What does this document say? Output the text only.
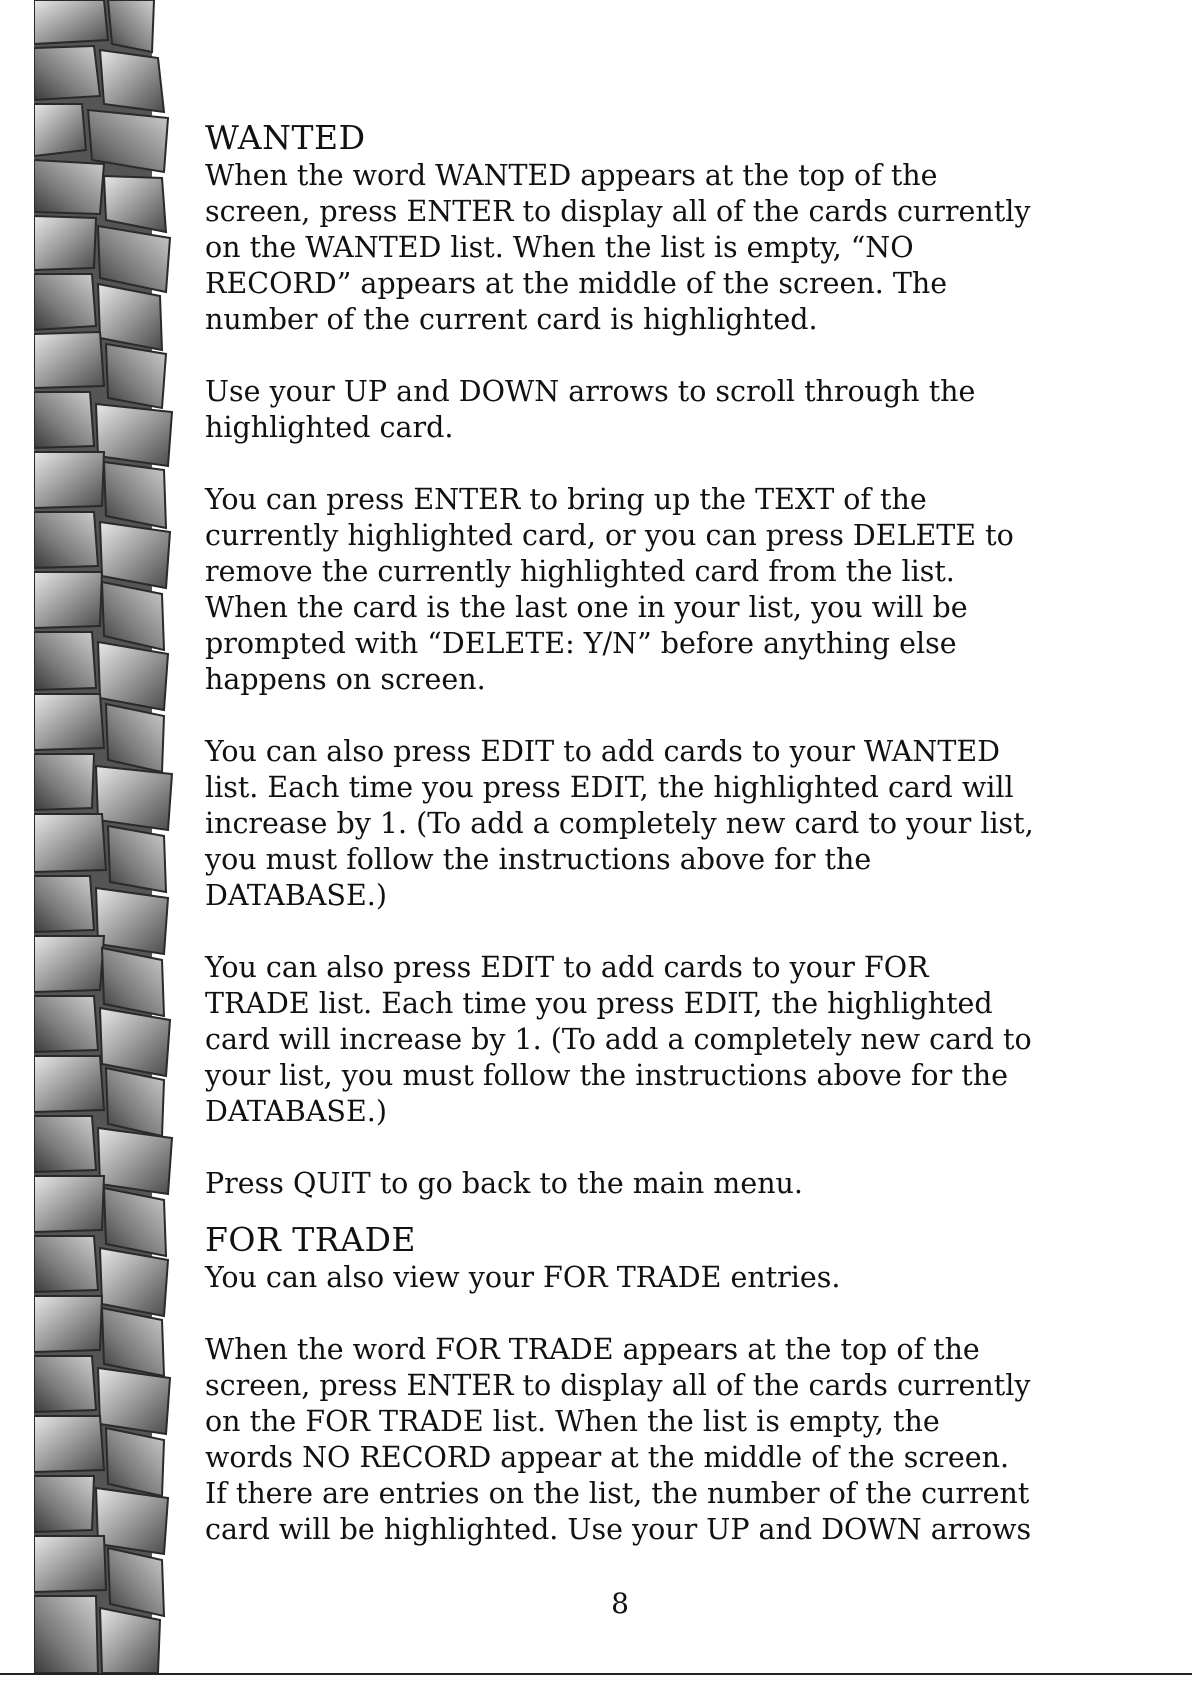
WANTED

When the word WANTED appears at the top of the
screen, press ENTER to display all of the cards currently
on the WANTED list. When the list is empty, “NO
RECORD” appears at the middle of the screen. The
number of the current card is highlighted.

Use your UP and DOWN arrows to scroll through the
highlighted card.

You can press ENTER to bring up the TEXT of the
currently highlighted card, or you can press DELETE to
remove the currently highlighted card from the list.
When the card is the last one in your list, you will be
prompted with “DELETE: Y/N” before anything else
happens on screen.

You can also press EDIT to add cards to your WANTED
list. Each time you press EDIT, the highlighted card will
increase by 1. (To add a completely new card to your list,
you must follow the instructions above for the
DATABASE.)

You can also press EDIT to add cards to your FOR
TRADE list. Each time you press EDIT, the highlighted
card will increase by 1. (To add a completely new card to
your list, you must follow the instructions above for the
DATABASE.)

Press QUIT to go back to the main menu.

FOR TRADE

You can also view your FOR TRADE entries.

When the word FOR TRADE appears at the top of the
screen, press ENTER to display all of the cards currently
on the FOR TRADE list. When the list is empty, the
words NO RECORD appear at the middle of the screen.
If there are entries on the list, the number of the current
card will be highlighted. Use your UP and DOWN arrows

8
